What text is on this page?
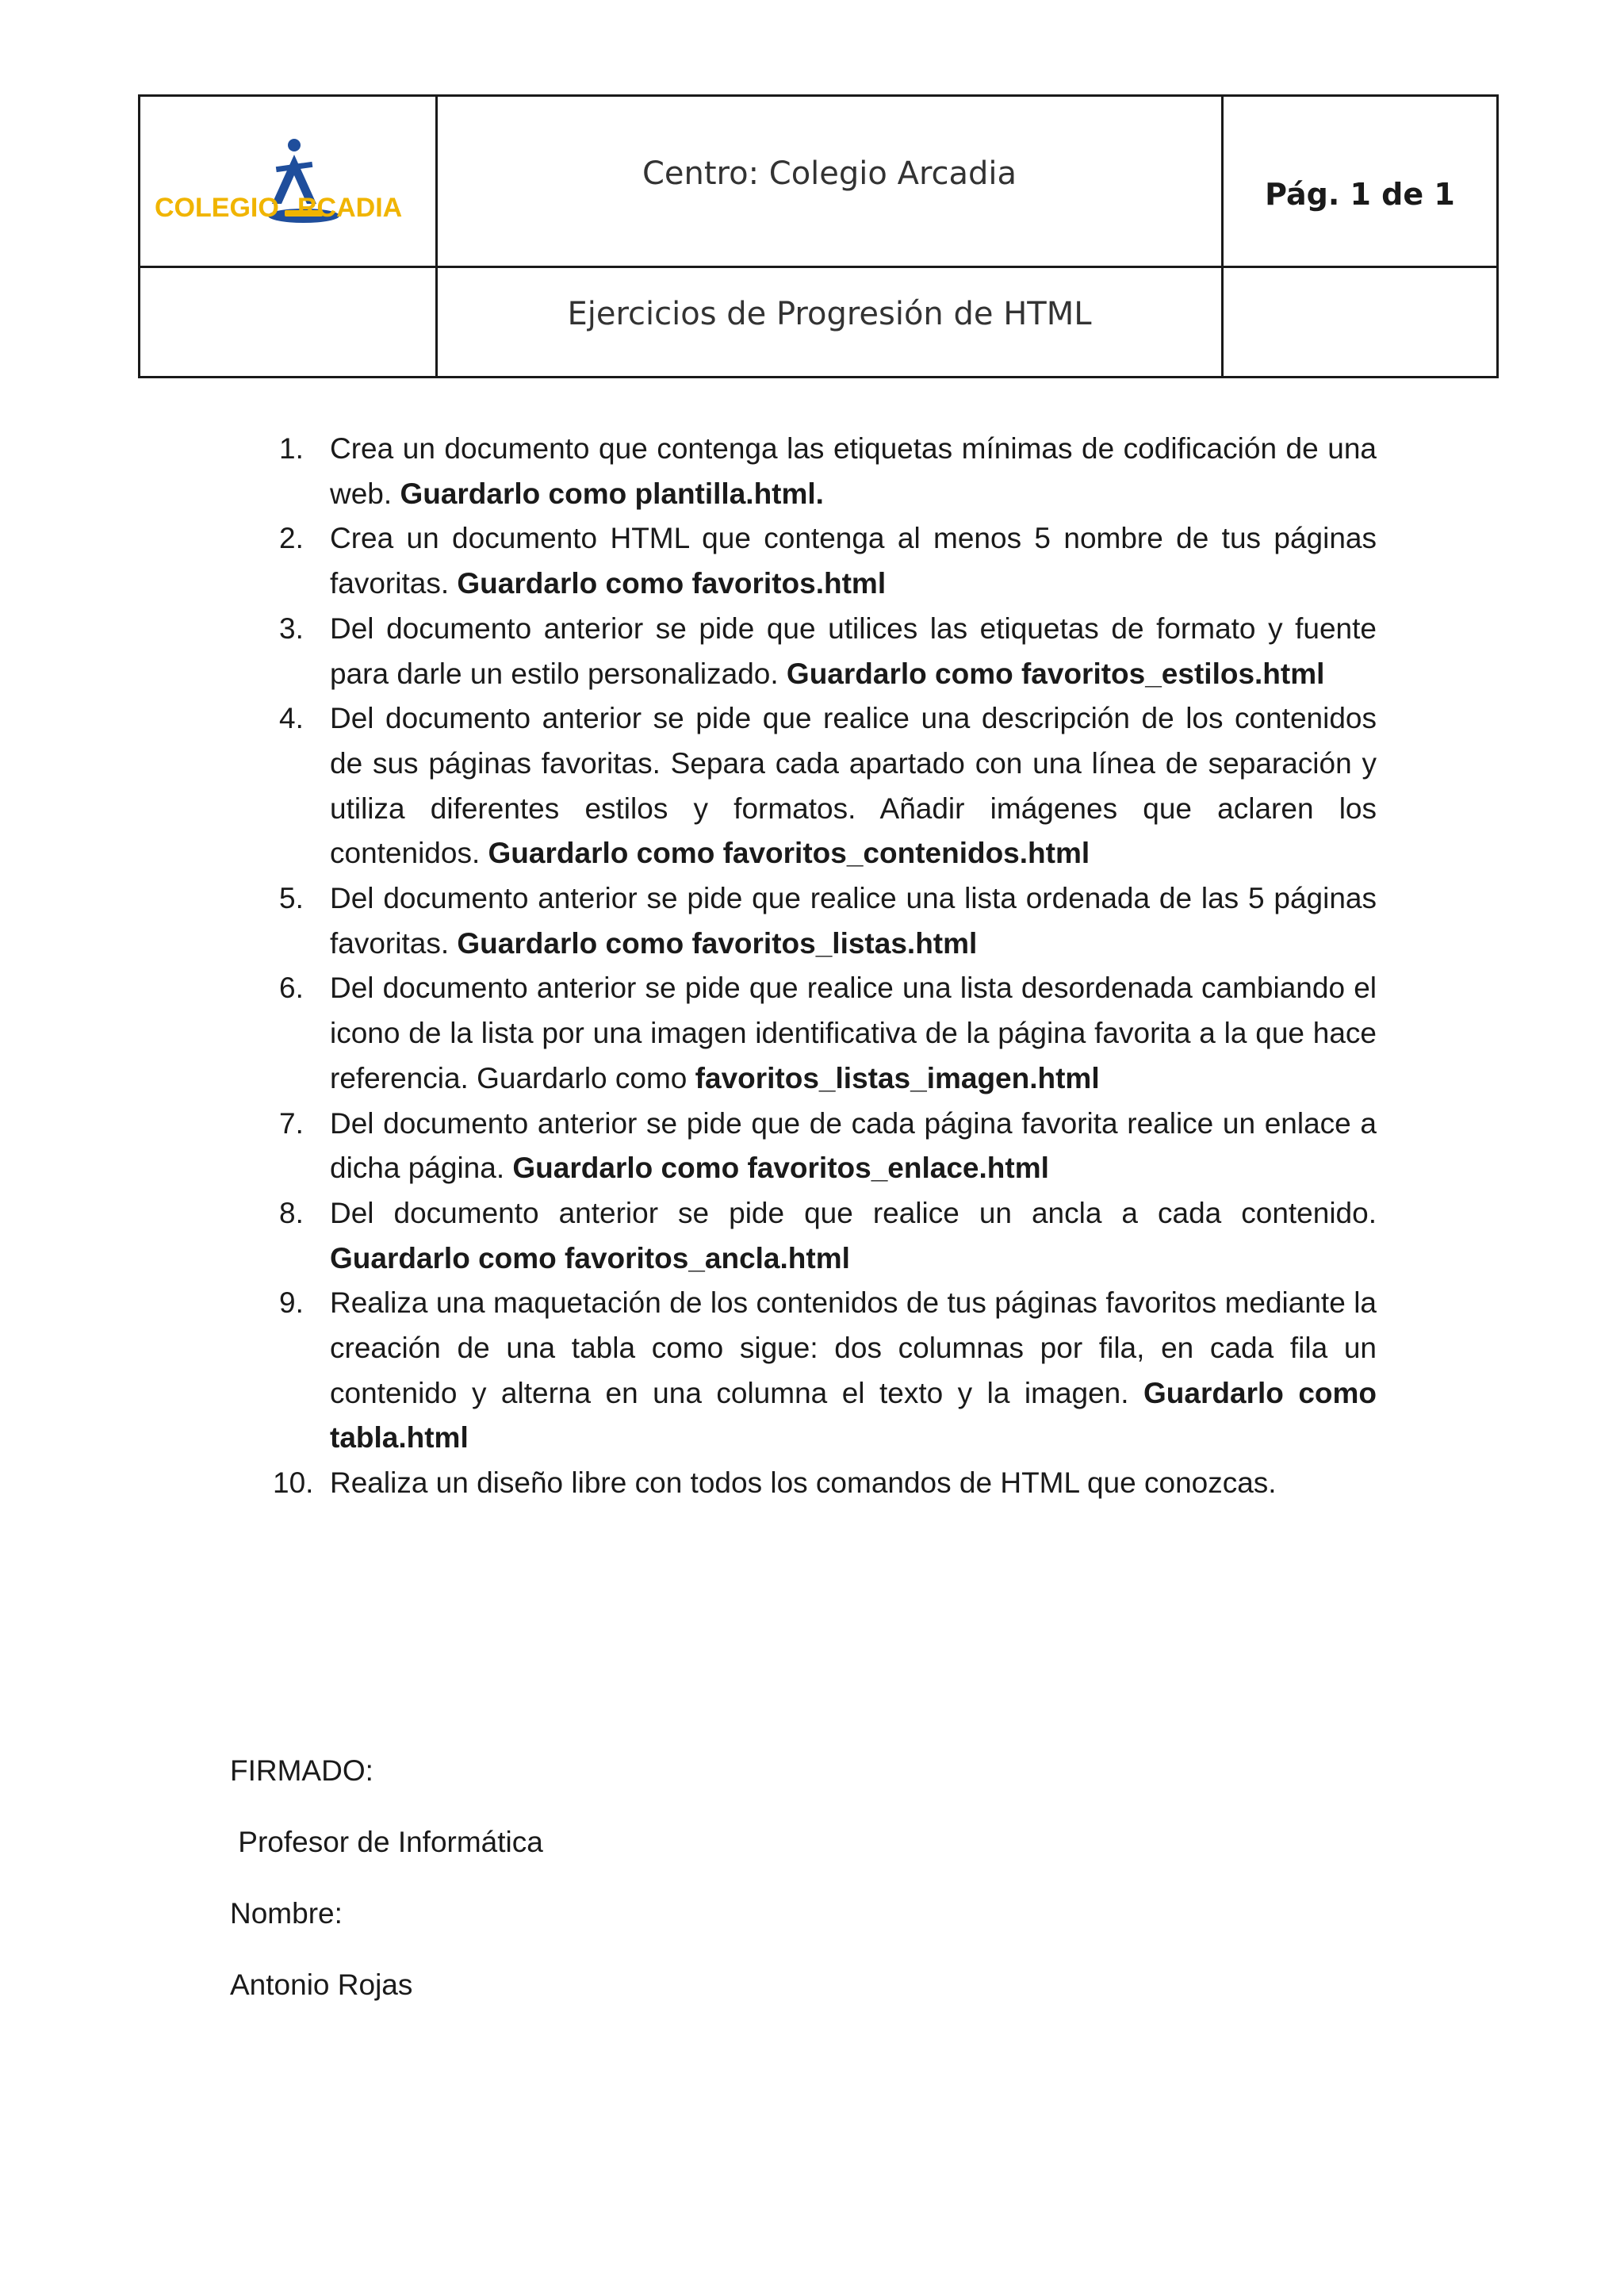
COLEGIO RCADIA	Centro: Colegio Arcadia	Pág. 1 de 1
	Ejercicios de Progresión de HTML	
1. Crea un documento que contenga las etiquetas mínimas de codificación de una web. Guardarlo como plantilla.html.
2. Crea un documento HTML que contenga al menos 5 nombre de tus páginas favoritas. Guardarlo como favoritos.html
3. Del documento anterior se pide que utilices las etiquetas de formato y fuente para darle un estilo personalizado. Guardarlo como favoritos_estilos.html
4. Del documento anterior se pide que realice una descripción de los contenidos de sus páginas favoritas. Separa cada apartado con una línea de separación y utiliza diferentes estilos y formatos. Añadir imágenes que aclaren los contenidos. Guardarlo como favoritos_contenidos.html
5. Del documento anterior se pide que realice una lista ordenada de las 5 páginas favoritas. Guardarlo como favoritos_listas.html
6. Del documento anterior se pide que realice una lista desordenada cambiando el icono de la lista por una imagen identificativa de la página favorita a la que hace referencia. Guardarlo como favoritos_listas_imagen.html
7. Del documento anterior se pide que de cada página favorita realice un enlace a dicha página. Guardarlo como favoritos_enlace.html
8. Del documento anterior se pide que realice un ancla a cada contenido. Guardarlo como favoritos_ancla.html
9. Realiza una maquetación de los contenidos de tus páginas favoritos mediante la creación de una tabla como sigue: dos columnas por fila, en cada fila un contenido y alterna en una columna el texto y la imagen. Guardarlo como tabla.html
10. Realiza un diseño libre con todos los comandos de HTML que conozcas.
FIRMADO:
Profesor de Informática
Nombre:
Antonio Rojas
